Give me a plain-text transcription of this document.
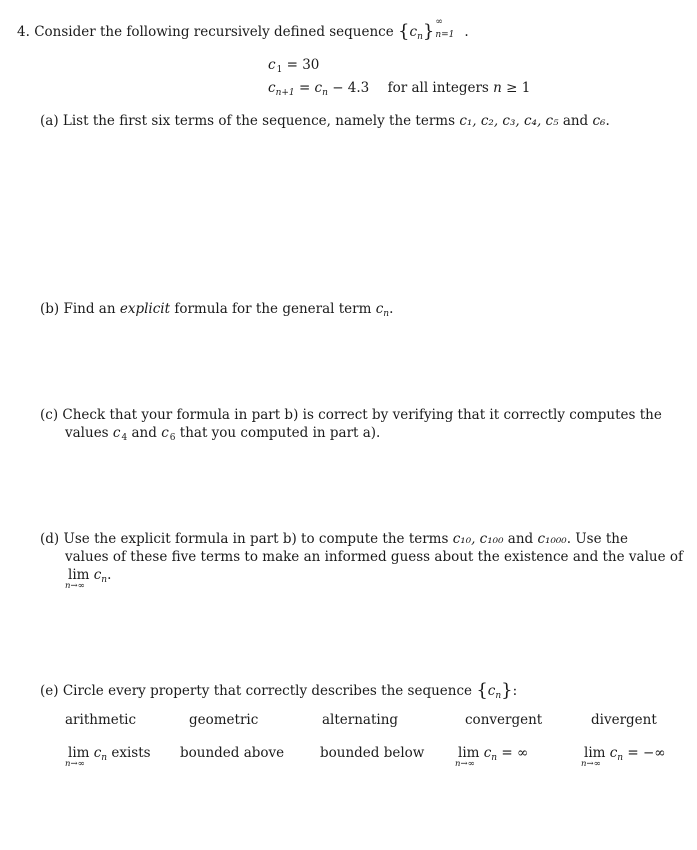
4. Consider the following recursively defined sequence $\{c_n\}$ ∞
n=1 .
$c_1 = 30$
$c_{n+1} = c_n - 4.3$ for all integers n ≥ 1
(a) List the first six terms of the sequence, namely the terms c₁, c₂, c₃, c₄, c₅ and c₆.
(b) Find an explicit formula for the general term $c_n$.
(c) Check that your formula in part b) is correct by verifying that it correctly computes the
values $c_4$ and $c_6$ that you computed in part a).
(d) Use the explicit formula in part b) to compute the terms c₁₀, c₁₀₀ and c₁₀₀₀. Use the
values of these five terms to make an informed guess about the existence and the value of
lim
n→∞
$c_n$.
(e) Circle every property that correctly describes the sequence $\{c_n\}$:
arithmetic	geometric	alternating	convergent	divergent
lim
n→∞
$c_n$ exists bounded above	bounded below lim
n→∞
$c_n$ = ∞	lim
n→∞
$c_n$ = −∞
